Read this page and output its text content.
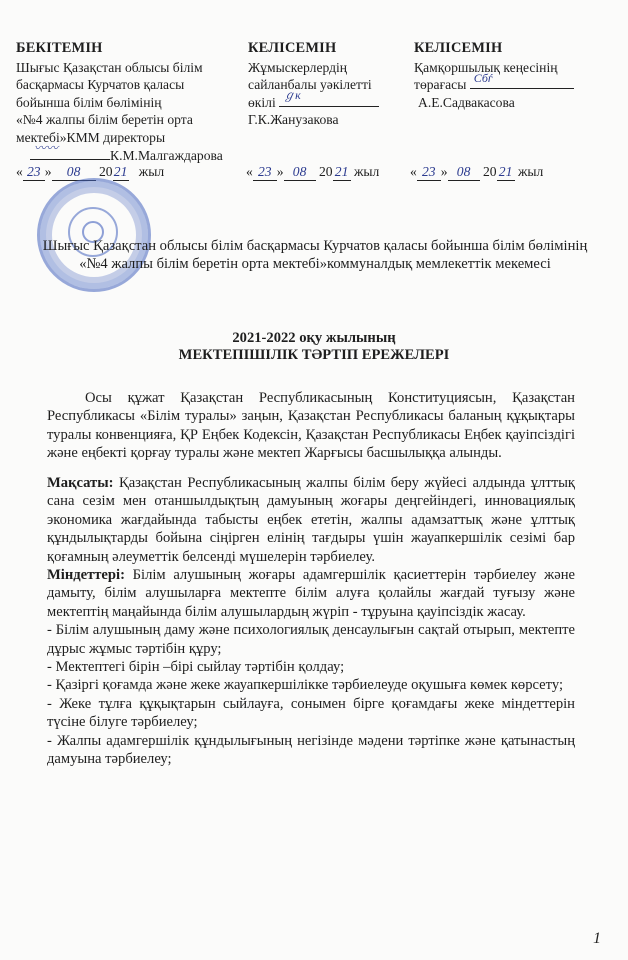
БЕКІТЕМІН
Шығыс Қазақстан облысы білім
басқармасы Курчатов қаласы
бойынша білім бөлімінің
«№4 жалпы білім беретін орта
мектебі»КММ директоры
〰〰	К.М.Малгаждарова
КЕЛІСЕМІН
Жұмыскерлердің
сайланбалы уәкілетті
өкілі ℊк
Г.К.Жанузакова
КЕЛІСЕМІН
Қамқоршылық кеңесінің
төрағасы Сбѓ
А.Е.Садвакасова
« 23 » 08 2021 жыл	« 23 » 08 20 21 жыл « 23 » 08 20 21 жыл
Шығыс Қазақстан облысы білім басқармасы Курчатов қаласы бойынша білім бөлімінің «№4 жалпы білім беретін орта мектебі»коммуналдық мемлекеттік мекемесі
2021-2022 оқу жылының
МЕКТЕПІШІЛІК ТӘРТІП ЕРЕЖЕЛЕРІ
Осы құжат Қазақстан Республикасының Конституциясын, Қазақстан Республикасы «Білім туралы» заңын, Қазақстан Республикасы баланың құқықтары туралы конвенцияға, ҚР Еңбек Кодексін, Қазақстан Республикасы Еңбек қауіпсіздігі және еңбекті қорғау туралы және мектеп Жарғысы басшылыққа алынды.

Мақсаты: Қазақстан Республикасының жалпы білім беру жүйесі алдында ұлттық сана сезім мен отаншылдықтың дамуының жоғары деңгейіндегі, инновациялық экономика жағдайында табысты еңбек ететін, жалпы адамзаттық және ұлттық құндылықтарды бойына сіңірген елінің тағдыры үшін жауапкершілік сезімі бар қоғамның әлеуметтік белсенді мүшелерін тәрбиелеу.

Міндеттері: Білім алушының жоғары адамгершілік қасиеттерін тәрбиелеу және дамыту, білім алушыларға мектепте білім алуға қолайлы жағдай туғызу және мектептің маңайында білім алушылардың жүріп - тұруына қауіпсіздік жасау.

- Білім алушының даму және психологиялық денсаулығын сақтай отырып, мектепте дұрыс жұмыс тәртібін құру;

- Мектептегі бірін –бірі сыйлау тәртібін қолдау;

- Қазіргі қоғамда және жеке жауапкершілікке тәрбиелеуде оқушыға көмек көрсету;

- Жеке тұлға құқықтарын сыйлауға, сонымен бірге қоғамдағы жеке міндеттерін түсіне білуге тәрбиелеу;

- Жалпы адамгершілік құндылығының негізінде мәдени тәртіпке және қатынастың дамуына тәрбиелеу;

1
